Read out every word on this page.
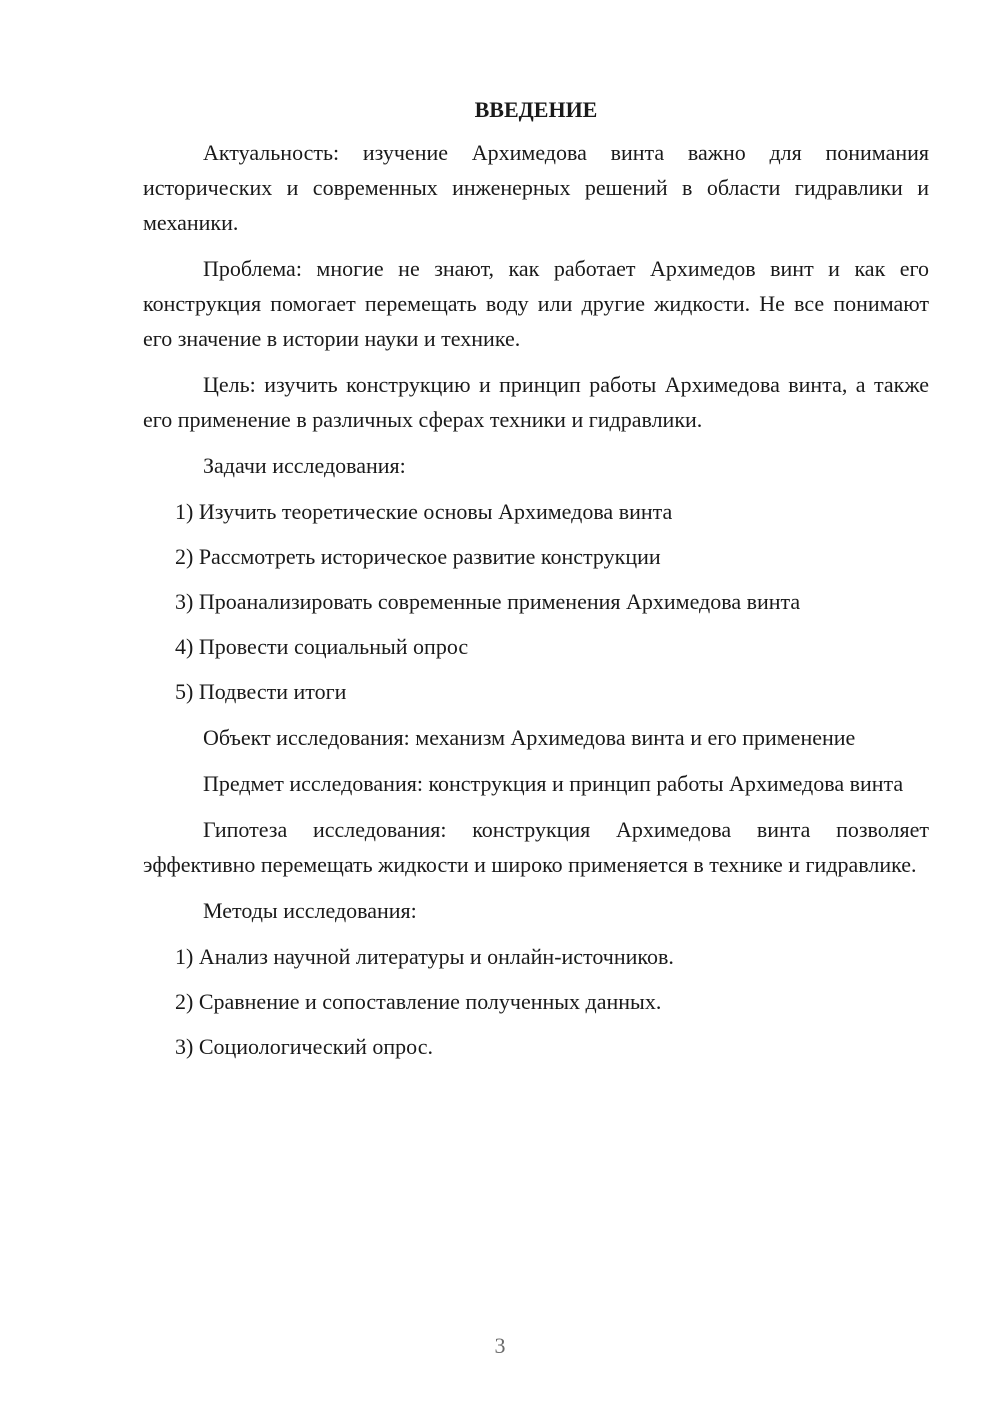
ВВЕДЕНИЕ

Актуальность: изучение Архимедова винта важно для понимания исторических и современных инженерных решений в области гидравлики и механики.

Проблема: многие не знают, как работает Архимедов винт и как его конструкция помогает перемещать воду или другие жидкости. Не все понимают его значение в истории науки и технике.

Цель: изучить конструкцию и принцип работы Архимедова винта, а также его применение в различных сферах техники и гидравлики.

Задачи исследования:

1) Изучить теоретические основы Архимедова винта

2) Рассмотреть историческое развитие конструкции

3) Проанализировать современные применения Архимедова винта

4) Провести социальный опрос

5) Подвести итоги

Объект исследования: механизм Архимедова винта и его применение

Предмет исследования: конструкция и принцип работы Архимедова винта

Гипотеза исследования: конструкция Архимедова винта позволяет эффективно перемещать жидкости и широко применяется в технике и гидравлике.

Методы исследования:

1) Анализ научной литературы и онлайн-источников.

2) Сравнение и сопоставление полученных данных.

3) Социологический опрос.

3
